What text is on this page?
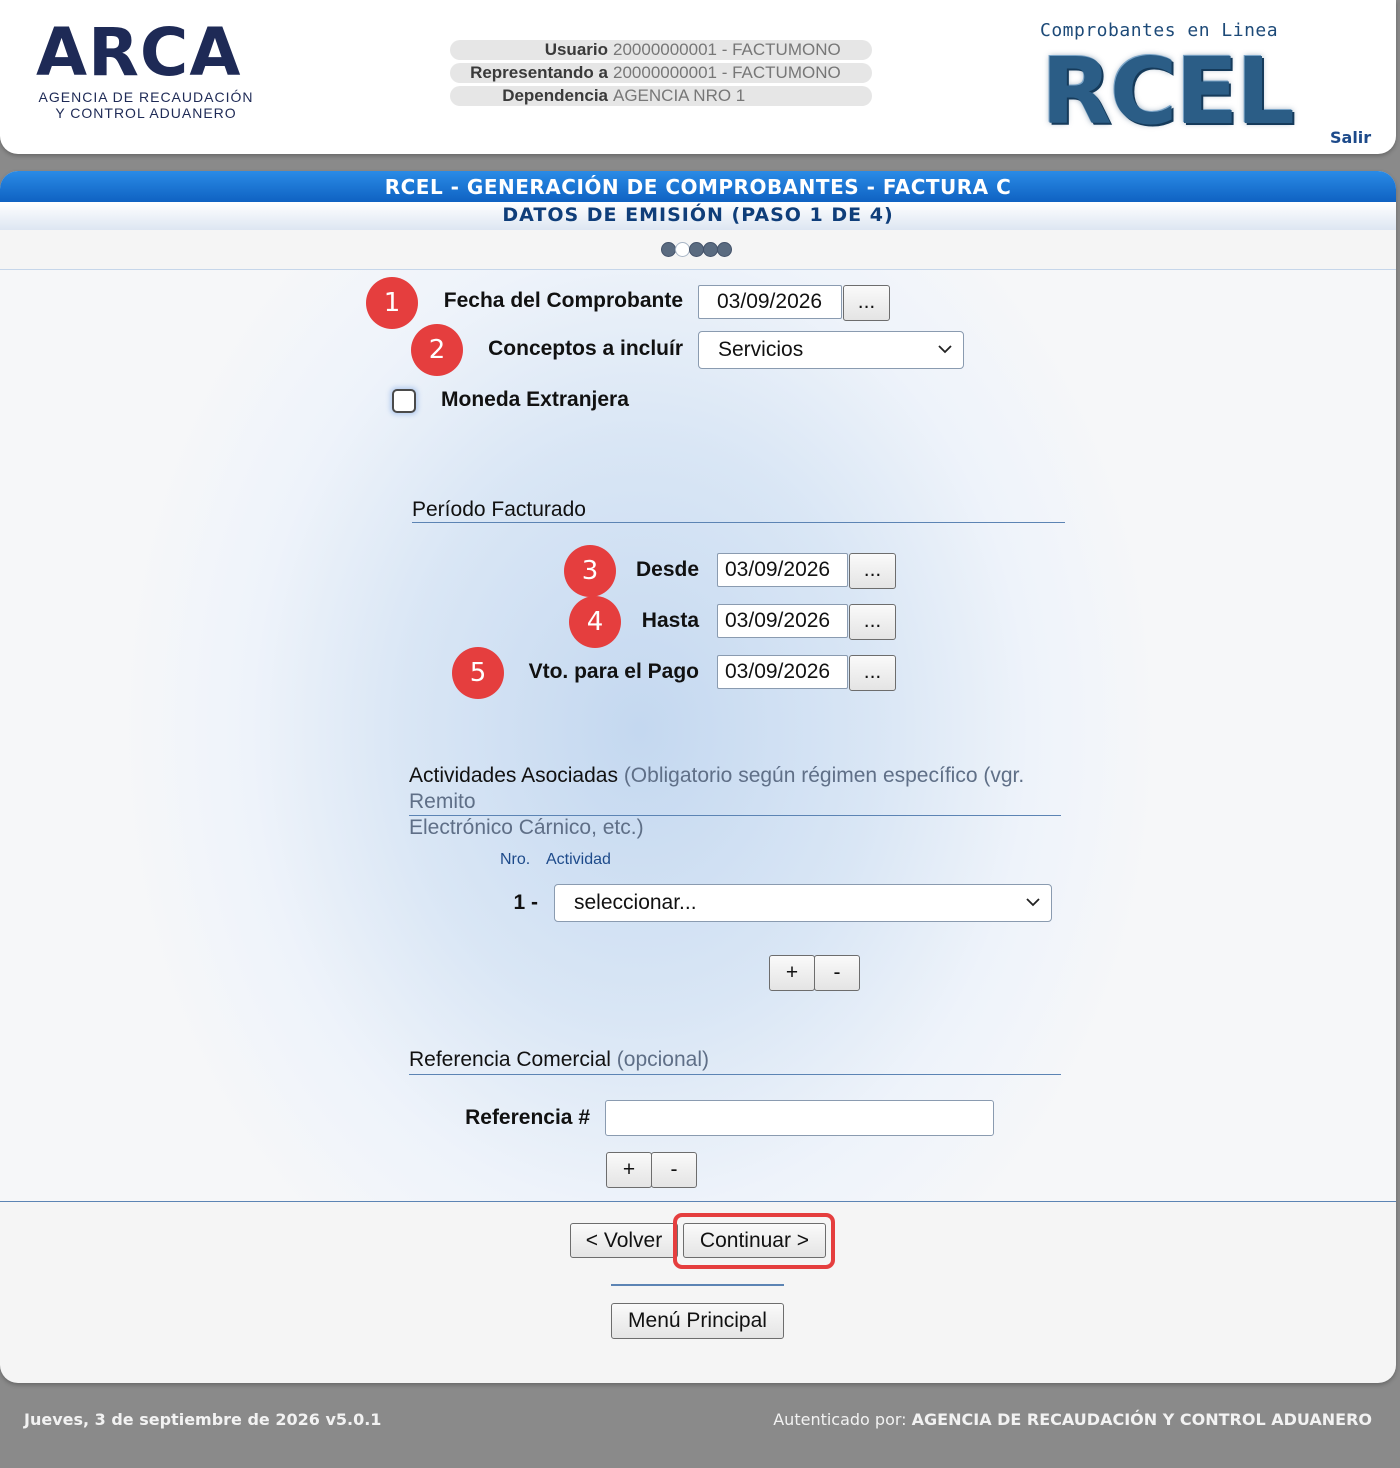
ARCA
AGENCIA DE RECAUDACIÓN
Y CONTROL ADUANERO
Usuario 20000000001 - FACTUMONO
Representando a 20000000001 - FACTUMONO
Dependencia AGENCIA NRO 1
Comprobantes en Linea
RCEL	Salir
RCEL - GENERACIÓN DE COMPROBANTES - FACTURA C
DATOS DE EMISIÓN (PASO 1 DE 4)
1	Fecha del Comprobante	03/09/2026	...
2	Conceptos a incluír	Servicios
Moneda Extranjera
Período Facturado
3	Desde	03/09/2026	...
4	Hasta	03/09/2026	...
5	Vto. para el Pago	03/09/2026	...
Actividades Asociadas (Obligatorio según régimen específico (vgr. Remito
Electrónico Cárnico, etc.)
Nro. Actividad
1 -	seleccionar...
+	-
Referencia Comercial (opcional)
Referencia #
+	-
< Volver	Continuar >
Menú Principal
Jueves, 3 de septiembre de 2026 v5.0.1	Autenticado por: AGENCIA DE RECAUDACIÓN Y CONTROL ADUANERO
